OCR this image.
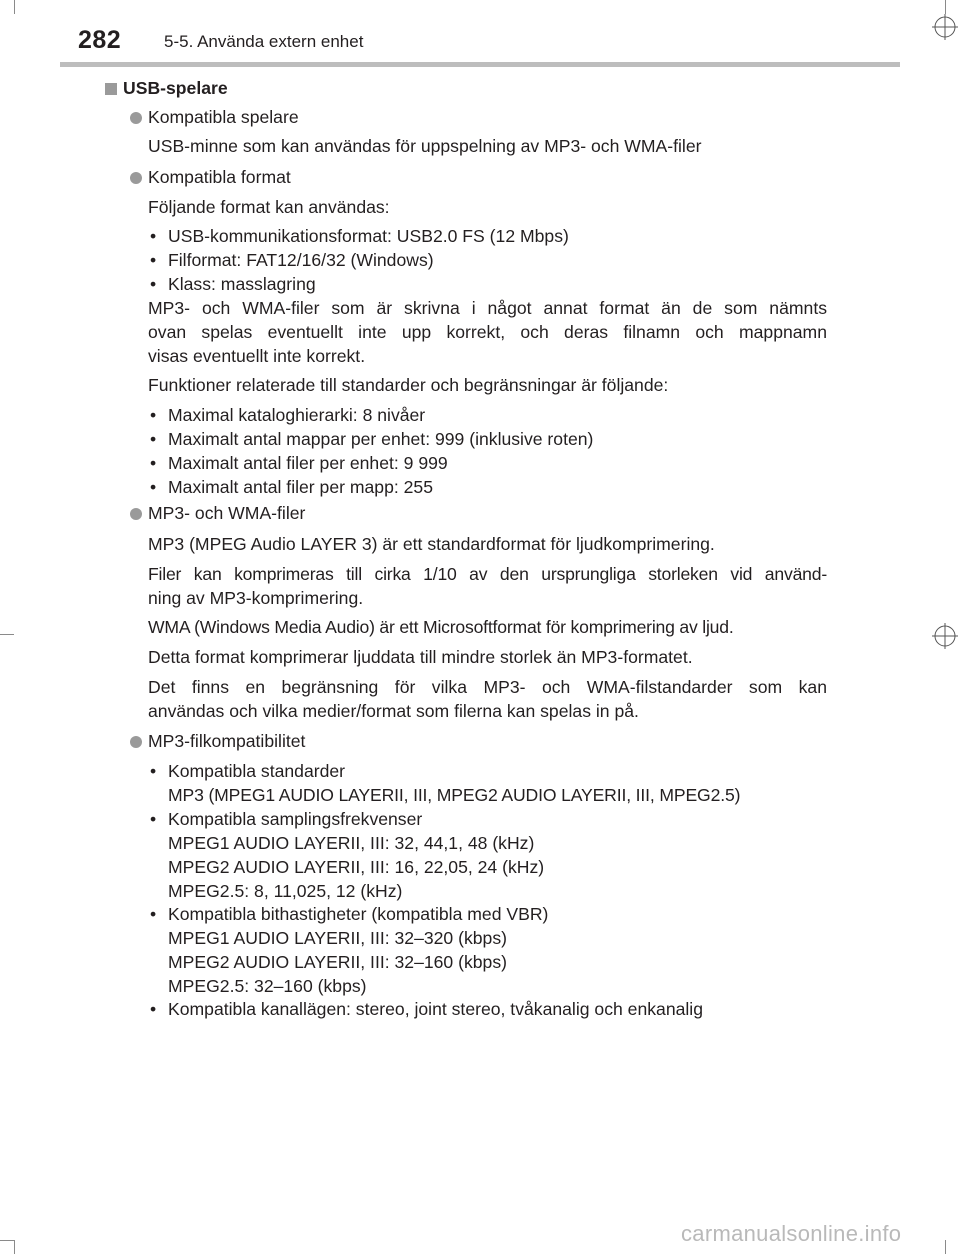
282	5-5. Använda extern enhet
USB-spelare
Kompatibla spelare
USB-minne som kan användas för uppspelning av MP3- och WMA-filer
Kompatibla format
Följande format kan användas:
• USB-kommunikationsformat: USB2.0 FS (12 Mbps)
• Filformat: FAT12/16/32 (Windows)
• Klass: masslagring
MP3- och WMA-filer som är skrivna i något annat format än de som nämnts
ovan spelas eventuellt inte upp korrekt, och deras filnamn och mappnamn
visas eventuellt inte korrekt.
Funktioner relaterade till standarder och begränsningar är följande:
• Maximal kataloghierarki: 8 nivåer
• Maximalt antal mappar per enhet: 999 (inklusive roten)
• Maximalt antal filer per enhet: 9 999
• Maximalt antal filer per mapp: 255
MP3- och WMA-filer
MP3 (MPEG Audio LAYER 3) är ett standardformat för ljudkomprimering.
Filer kan komprimeras till cirka 1/10 av den ursprungliga storleken vid använd-
ning av MP3-komprimering.
WMA (Windows Media Audio) är ett Microsoftformat för komprimering av ljud.
Detta format komprimerar ljuddata till mindre storlek än MP3-formatet.
Det finns en begränsning för vilka MP3- och WMA-filstandarder som kan
användas och vilka medier/format som filerna kan spelas in på.
MP3-filkompatibilitet
• Kompatibla standarder
MP3 (MPEG1 AUDIO LAYERII, III, MPEG2 AUDIO LAYERII, III, MPEG2.5)
• Kompatibla samplingsfrekvenser
MPEG1 AUDIO LAYERII, III: 32, 44,1, 48 (kHz)
MPEG2 AUDIO LAYERII, III: 16, 22,05, 24 (kHz)
MPEG2.5: 8, 11,025, 12 (kHz)
• Kompatibla bithastigheter (kompatibla med VBR)
MPEG1 AUDIO LAYERII, III: 32–320 (kbps)
MPEG2 AUDIO LAYERII, III: 32–160 (kbps)
MPEG2.5: 32–160 (kbps)
• Kompatibla kanallägen: stereo, joint stereo, tvåkanalig och enkanalig
carmanualsonline.info
